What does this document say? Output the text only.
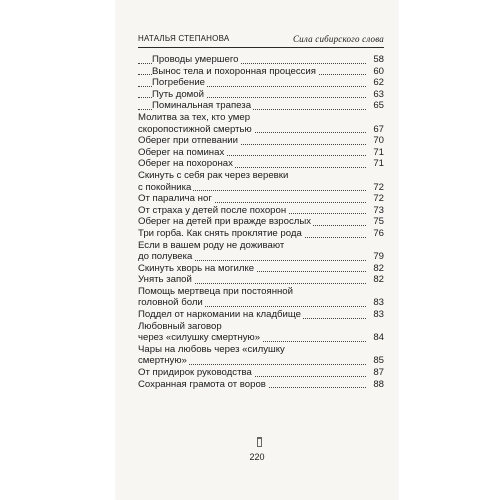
НАТАЛЬЯ СТЕПАНОВА	Сила сибирского слова
Проводы умершего	58
Вынос тела и похоронная процессия	60
Погребение	62
Путь домой	63
Поминальная трапеза	65
Молитва за тех, кто умер
скоропостижной смертью	67
Оберег при отпевании	70
Оберег на поминах	71
Оберег на похоронах	71
Скинуть с себя рак через веревки
с покойника	72
От паралича ног	72
От страха у детей после похорон	73
Оберег на детей при вражде взрослых	75
Три горба. Как снять проклятие рода	76
Если в вашем роду не доживают
до полувека	79
Скинуть хворь на могилке	82
Унять запой	82
Помощь мертвеца при постоянной
головной боли	83
Поддел от наркомании на кладбище	83
Любовный заговор
через «силушку смертную»	84
Чары на любовь через «силушку
смертную»	85
От придирок руководства	87
Сохранная грамота от воров	88
220
